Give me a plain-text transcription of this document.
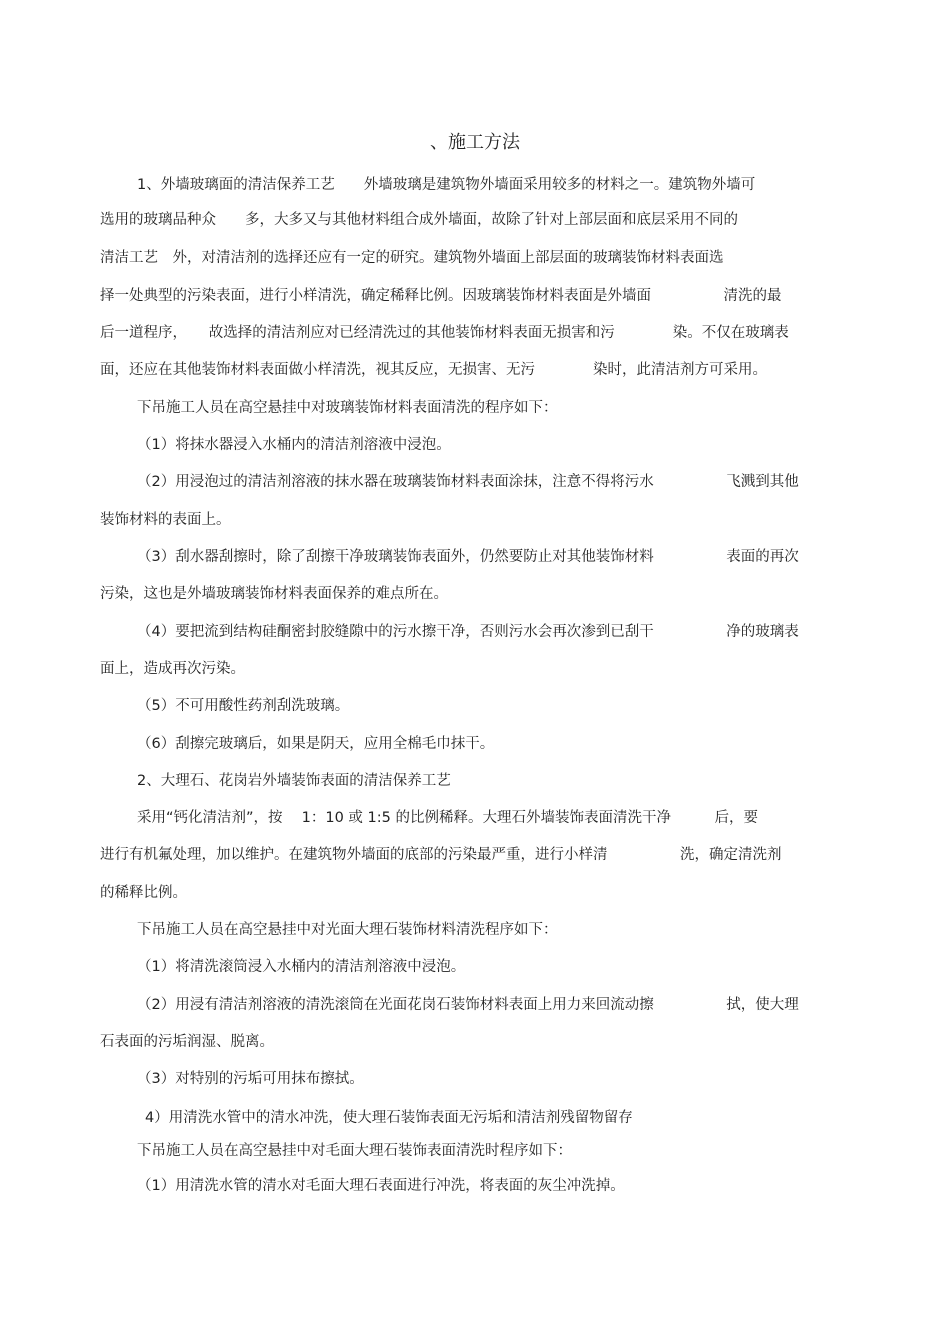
、施工方法
1、外墙玻璃面的清洁保养工艺　　外墙玻璃是建筑物外墙面采用较多的材料之一。建筑物外墙可
选用的玻璃品种众　　多，大多又与其他材料组合成外墙面，故除了针对上部层面和底层采用不同的
清洁工艺　外，对清洁剂的选择还应有一定的研究。建筑物外墙面上部层面的玻璃装饰材料表面选
择一处典型的污染表面，进行小样清洗，确定稀释比例。因玻璃装饰材料表面是外墙面　　　　　清洗的最
后一道程序，　　故选择的清洁剂应对已经清洗过的其他装饰材料表面无损害和污　　　　染。不仅在玻璃表
面，还应在其他装饰材料表面做小样清洗，视其反应，无损害、无污　　　　染时，此清洁剂方可采用。
下吊施工人员在高空悬挂中对玻璃装饰材料表面清洗的程序如下：
（1）将抹水器浸入水桶内的清洁剂溶液中浸泡。
（2）用浸泡过的清洁剂溶液的抹水器在玻璃装饰材料表面涂抹，注意不得将污水　　　　　飞溅到其他
装饰材料的表面上。
（3）刮水器刮擦时，除了刮擦干净玻璃装饰表面外，仍然要防止对其他装饰材料　　　　　表面的再次
污染，这也是外墙玻璃装饰材料表面保养的难点所在。
（4）要把流到结构硅酮密封胶缝隙中的污水擦干净，否则污水会再次渗到已刮干　　　　　净的玻璃表
面上，造成再次污染。
（5）不可用酸性药剂刮洗玻璃。
（6）刮擦完玻璃后，如果是阴天，应用全棉毛巾抹干。
2、大理石、花岗岩外墙装饰表面的清洁保养工艺
采用“钙化清洁剂”，按　 1：10 或 1:5 的比例稀释。大理石外墙装饰表面清洗干净　　　后，要
进行有机氟处理，加以维护。在建筑物外墙面的底部的污染最严重，进行小样清　　　　　洗，确定清洗剂
的稀释比例。
下吊施工人员在高空悬挂中对光面大理石装饰材料清洗程序如下：
（1）将清洗滚筒浸入水桶内的清洁剂溶液中浸泡。
（2）用浸有清洁剂溶液的清洗滚筒在光面花岗石装饰材料表面上用力来回流动擦　　　　　拭，使大理
石表面的污垢润湿、脱离。
（3）对特别的污垢可用抹布擦拭。
4）用清洗水管中的清水冲洗，使大理石装饰表面无污垢和清洁剂残留物留存
下吊施工人员在高空悬挂中对毛面大理石装饰表面清洗时程序如下：
（1）用清洗水管的清水对毛面大理石表面进行冲洗，将表面的灰尘冲洗掉。
